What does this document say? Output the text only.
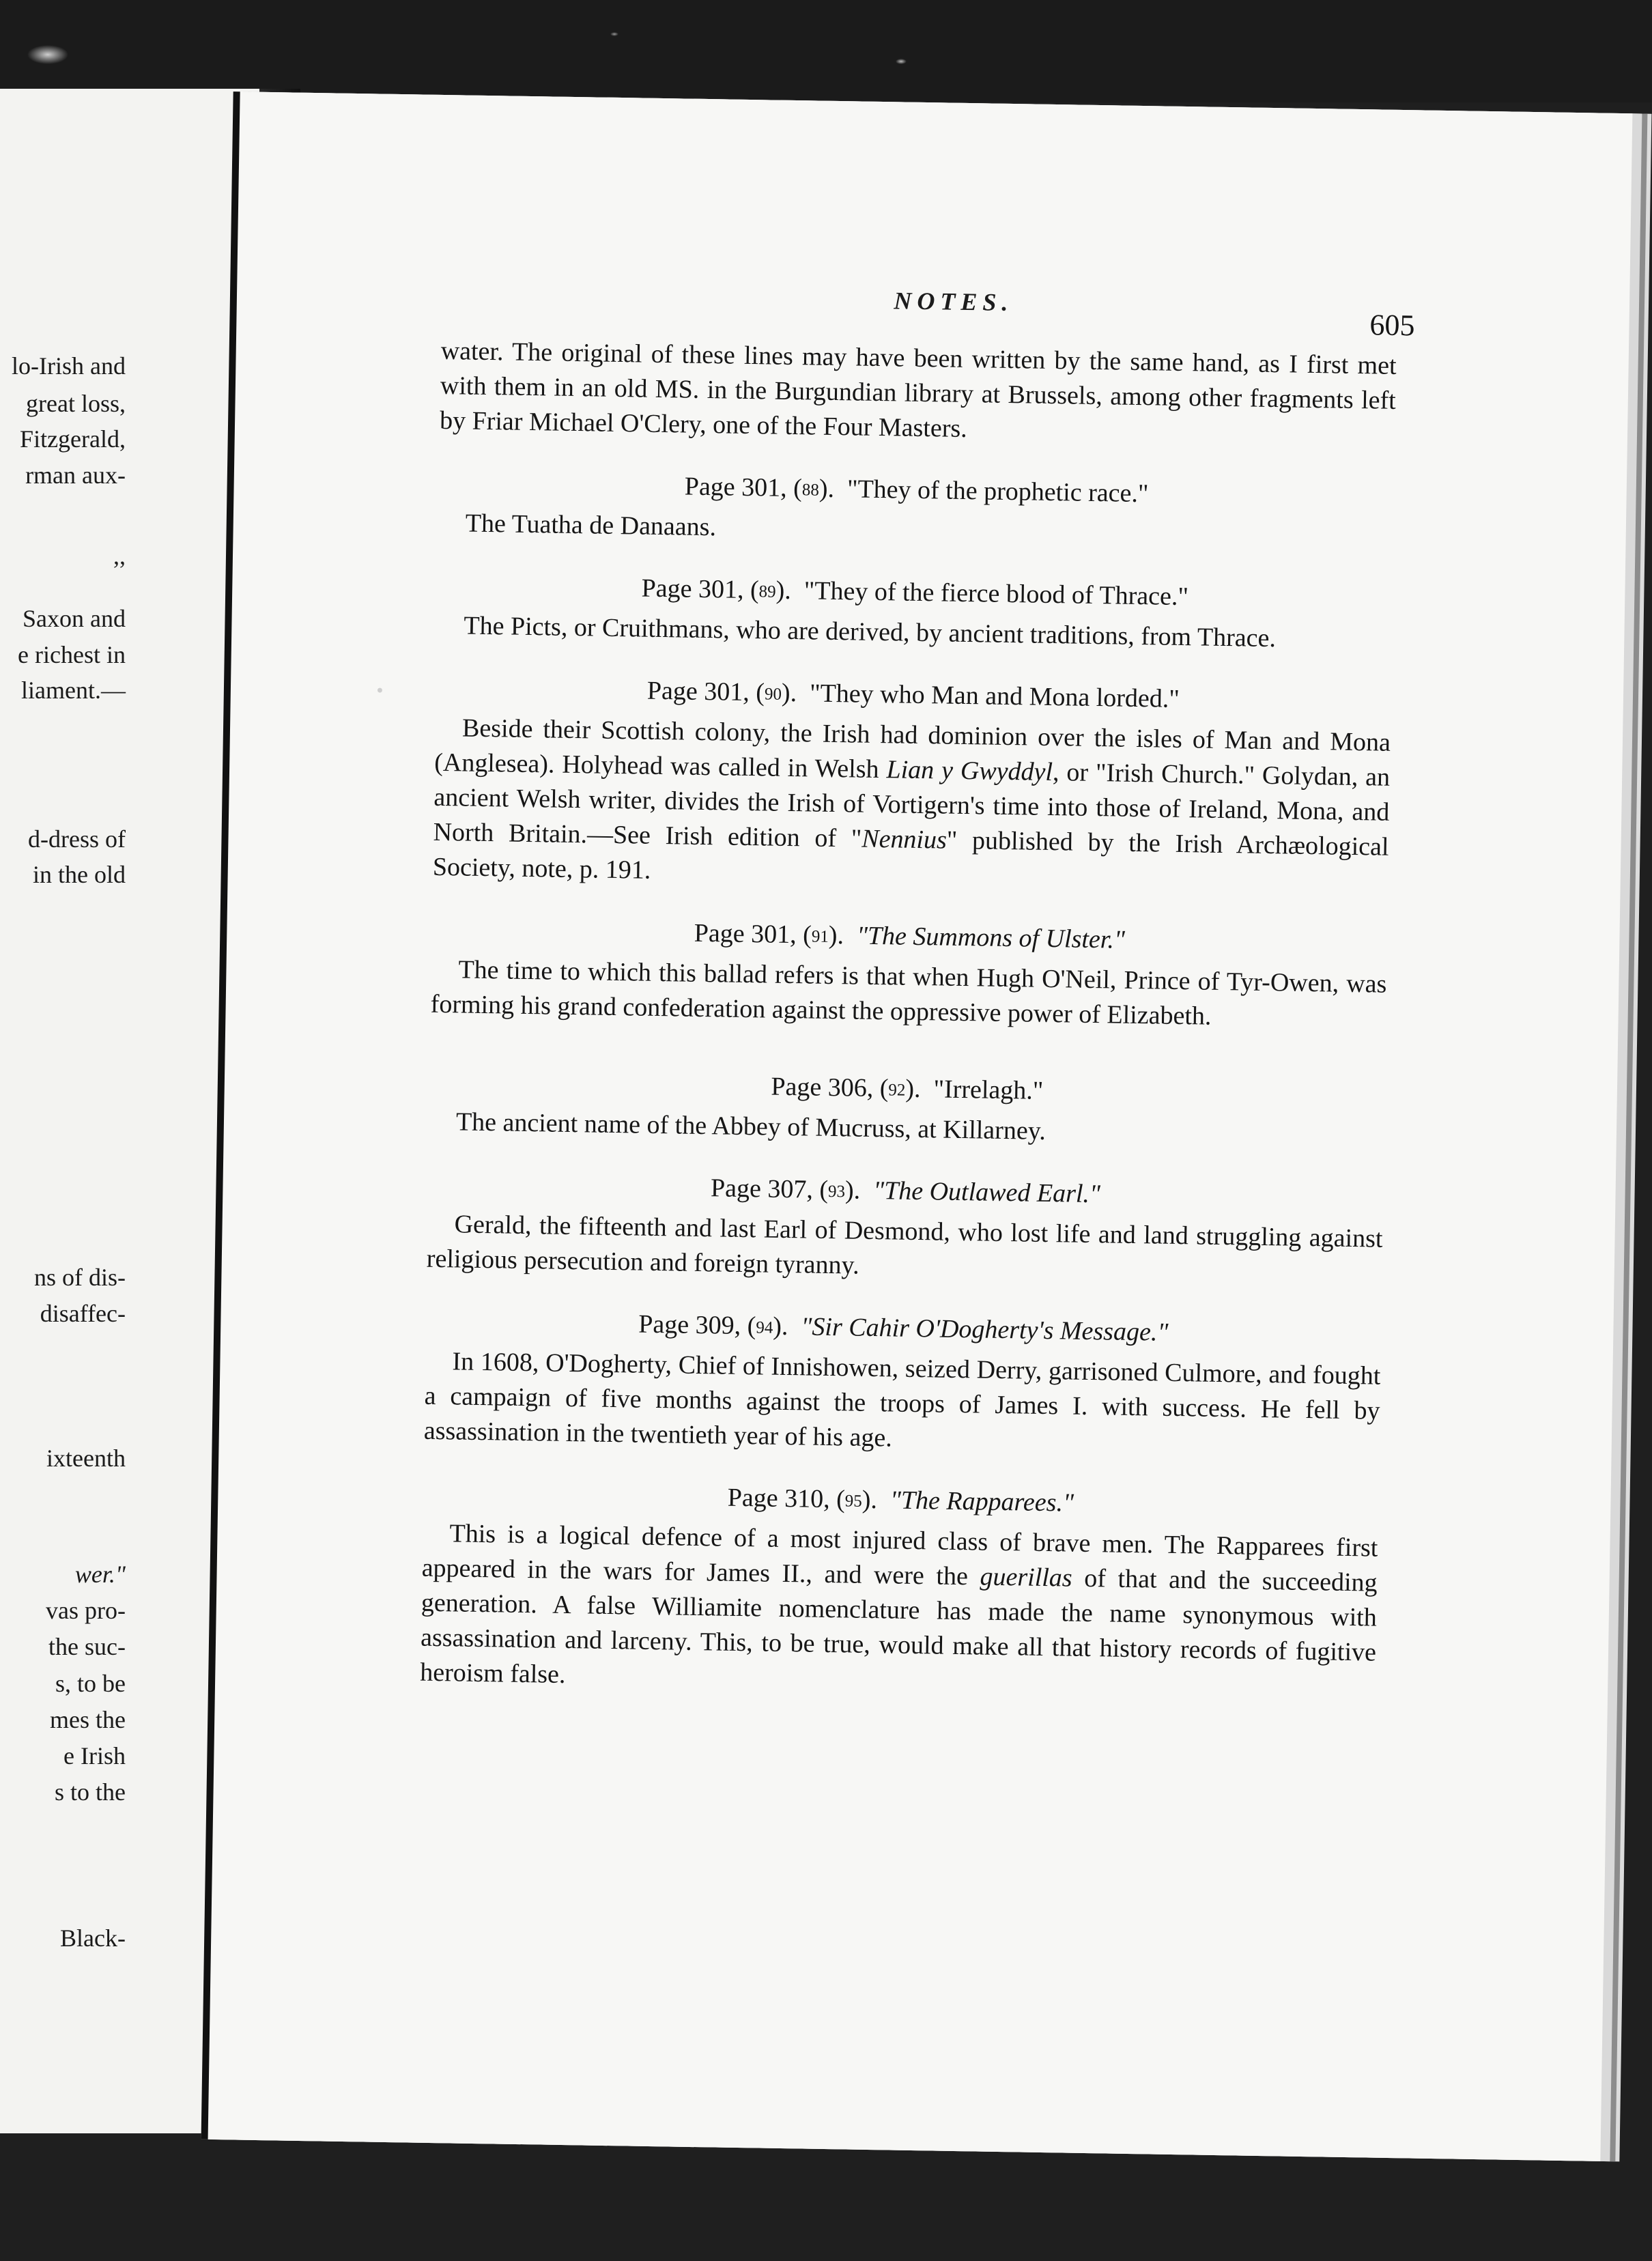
lo-Irish and
great loss,
Fitzgerald,
rman aux-
,,
Saxon and
e richest in
liament.—
d-dress of
in the old
ns of dis-
disaffec-
ixteenth
wer."
vas pro-
the suc-
s, to be
mes the
e Irish
s to the
Black-
NOTES.
605

water. The original of these lines may have been written by the same hand, as I first met with them in an old MS. in the Burgundian library at Brussels, among other fragments left by Friar Michael O'Clery, one of the Four Masters.

Page 301, (88).  "They of the prophetic race."

The Tuatha de Danaans.

Page 301, (89).  "They of the fierce blood of Thrace."

The Picts, or Cruithmans, who are derived, by ancient traditions, from Thrace.

Page 301, (90).  "They who Man and Mona lorded."

Beside their Scottish colony, the Irish had dominion over the isles of Man and Mona (Anglesea). Holyhead was called in Welsh Lian y Gwyddyl, or "Irish Church." Golydan, an ancient Welsh writer, divides the Irish of Vortigern's time into those of Ireland, Mona, and North Britain.—See Irish edition of "Nennius" published by the Irish Archæological Society, note, p. 191.

Page 301, (91).  "The Summons of Ulster."

The time to which this ballad refers is that when Hugh O'Neil, Prince of Tyr-Owen, was forming his grand confederation against the oppressive power of Elizabeth.

Page 306, (92).  "Irrelagh."

The ancient name of the Abbey of Mucruss, at Killarney.

Page 307, (93).  "The Outlawed Earl."

Gerald, the fifteenth and last Earl of Desmond, who lost life and land struggling against religious persecution and foreign tyranny.

Page 309, (94).  "Sir Cahir O'Dogherty's Message."

In 1608, O'Dogherty, Chief of Innishowen, seized Derry, garrisoned Culmore, and fought a campaign of five months against the troops of James I. with success. He fell by assassination in the twentieth year of his age.

Page 310, (95).  "The Rapparees."

This is a logical defence of a most injured class of brave men. The Rapparees first appeared in the wars for James II., and were the guerillas of that and the succeeding generation. A false Williamite nomenclature has made the name synonymous with assassination and larceny. This, to be true, would make all that history records of fugitive heroism false.
